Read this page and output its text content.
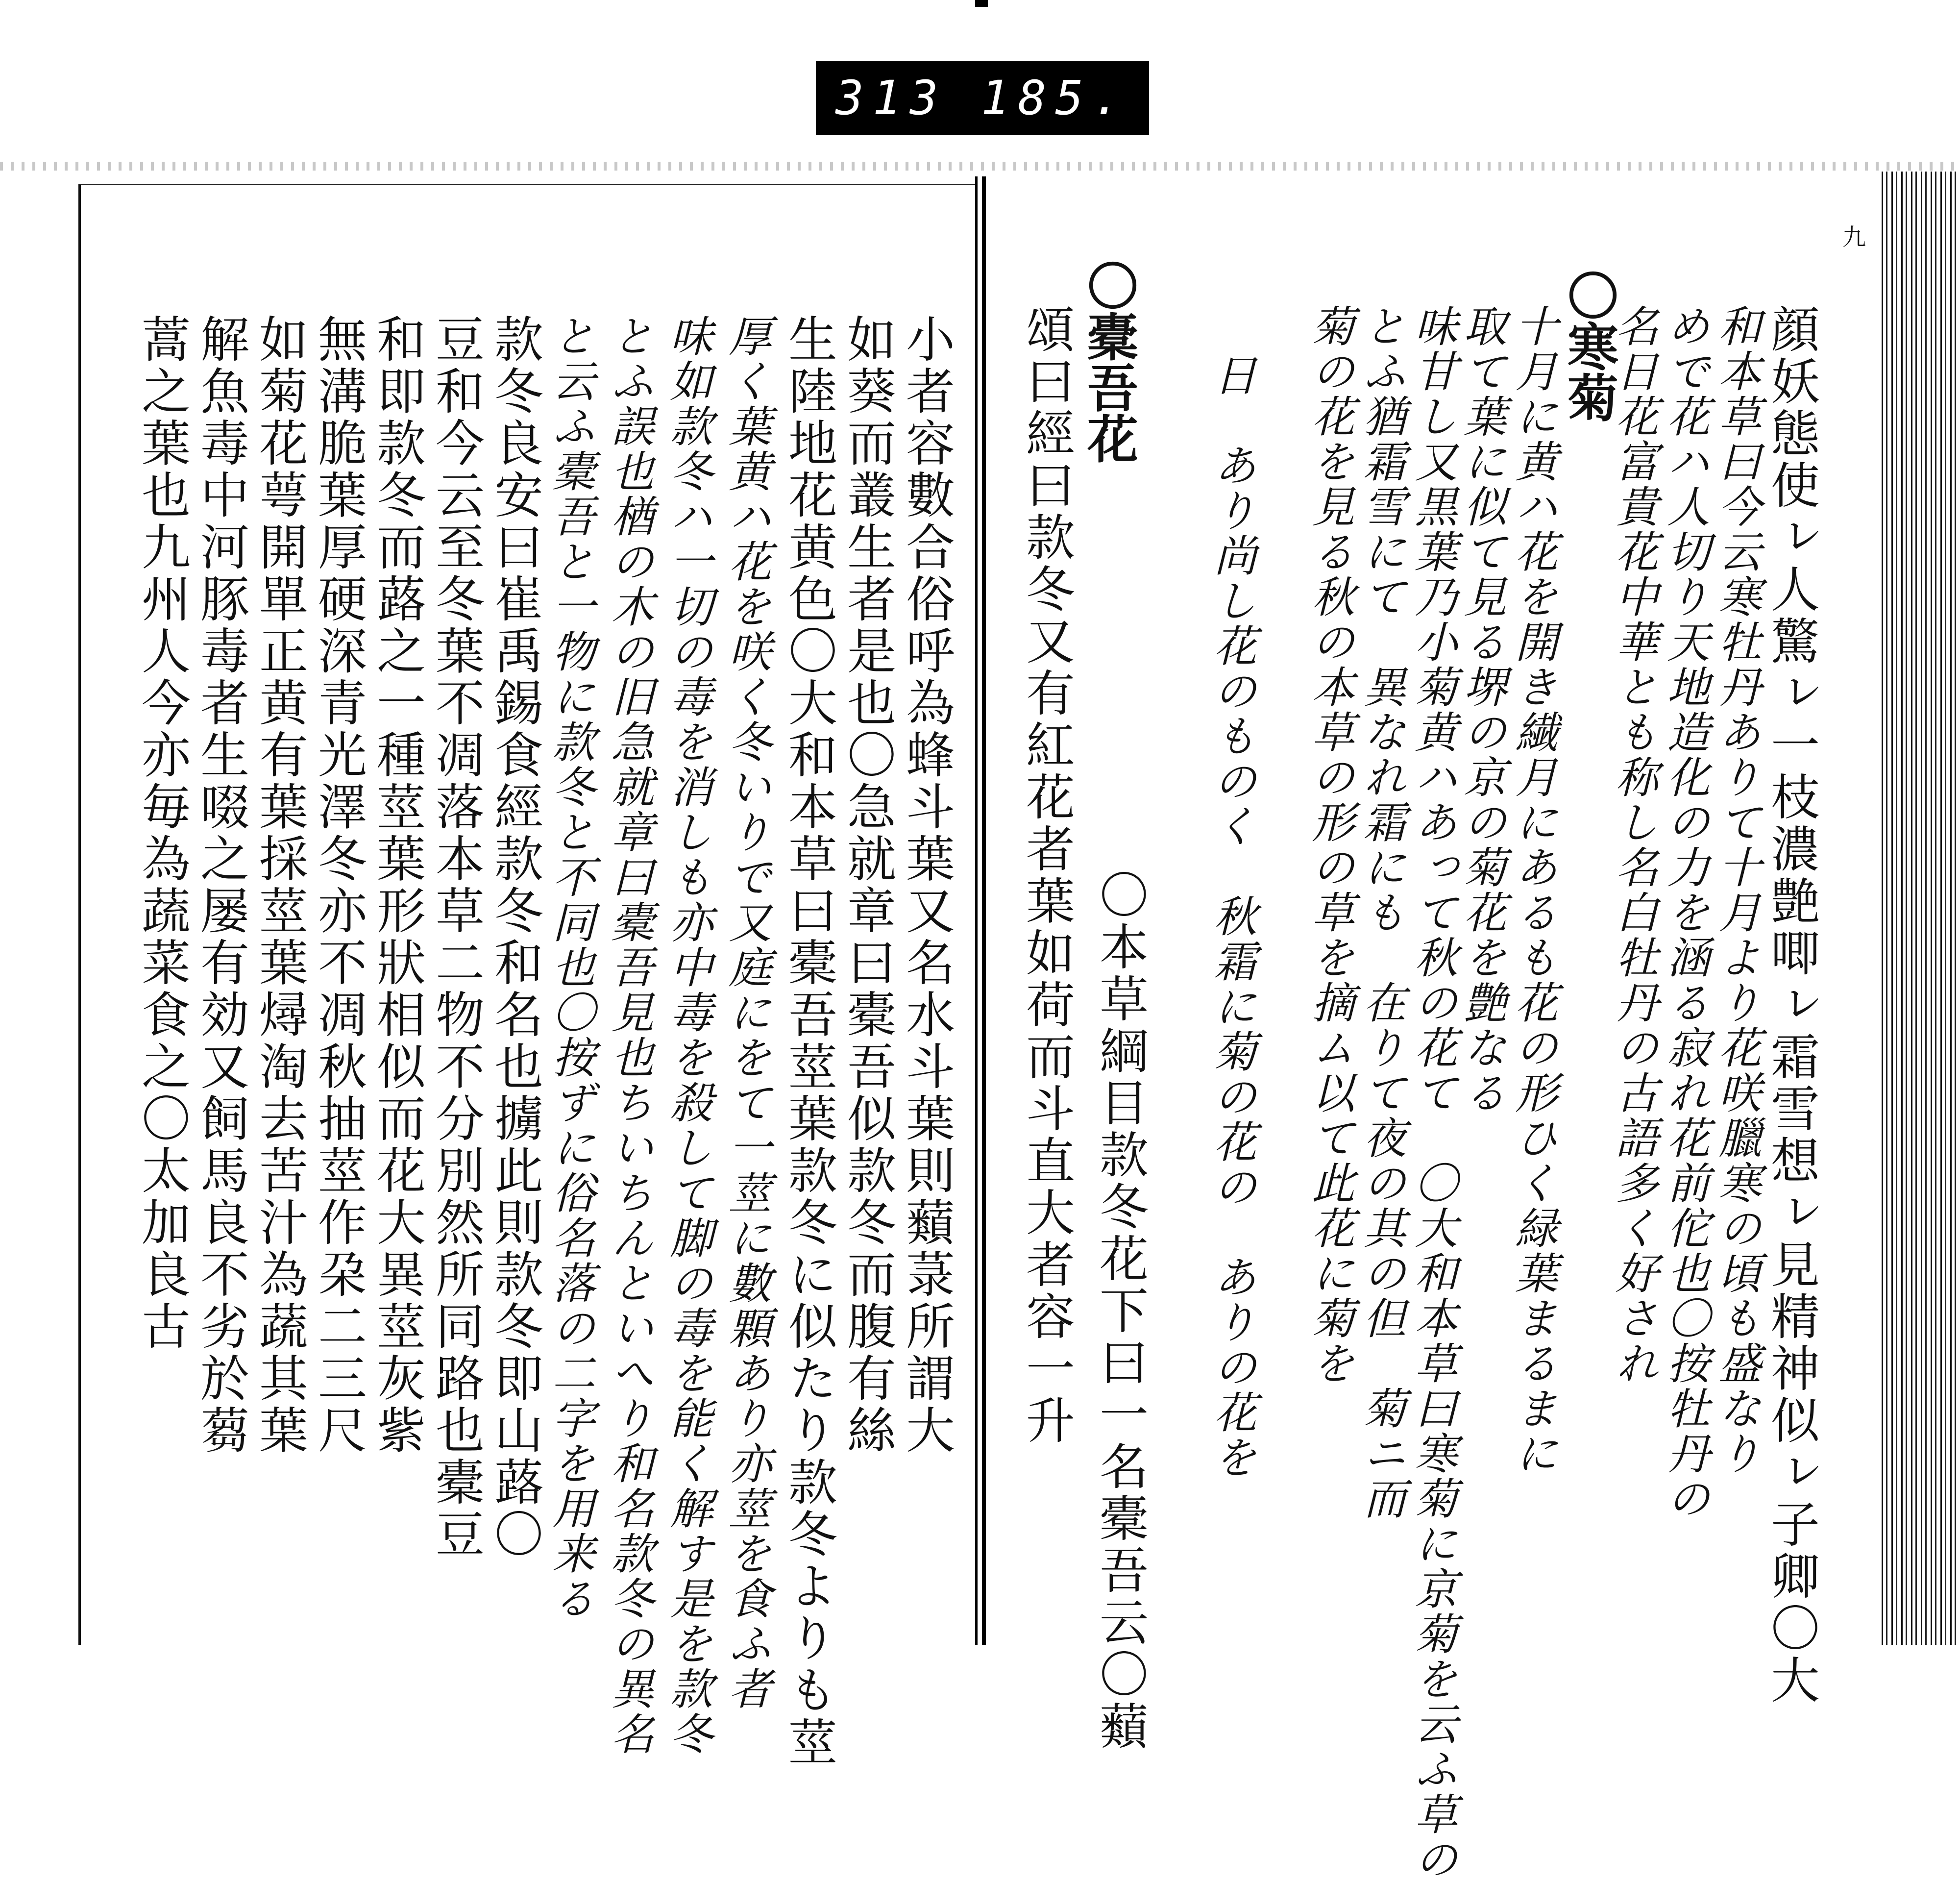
313 185.
九
顔妖態使ㇾ人驚ㇾ一枝濃艶唧ㇾ霜雪想ㇾ見精神似ㇾ子卿〇大
和本草曰今云寒牡丹ありて十月より花咲臘寒の頃も盛なり
めで花ハ人切り天地造化の力を涵る寂れ花前佗也〇按牡丹の
名日花富貴花中華とも称し名白牡丹の古語多く好され
〇寒菊
十月に黄ハ花を開き繊月にあるも花の形ひく緑葉まるまに
取て葉に似て見る堺の京の菊花を艶なる
味甘し又黒葉乃小菊黄ハあって秋の花て　〇大和本草曰寒菊に京菊を云ふ草の
とふ猶霜雪にて　異なれ霜にも　在りて夜の其の但　菊ニ而
菊の花を見る秋の本草の形の草を摘ム以て此花に菊を
日　あり尚し花のものく　秋霜に菊の花の　ありの花を
　　　　〇本草綱目款冬花下曰一名橐吾云〇蘱
〇橐吾花
頌曰經曰款冬又有紅花者葉如荷而斗直大者容一升
小者容數合俗呼為蜂斗葉又名水斗葉則蘱菉所謂大
如葵而叢生者是也〇急就章曰橐吾似款冬而腹有絲
生陸地花黄色〇大和本草曰橐吾莖葉款冬に似たり款冬よりも莖
厚く葉黄ハ花を咲く冬いりで又庭にをて一莖に數顆あり亦莖を食ふ者
味如款冬ハ一切の毒を消しも亦中毒を殺して脚の毒を能く解す是を款冬
とふ誤也楢の木の旧急就章曰橐吾見也ちいちんといへり和名款冬の異名
と云ふ橐吾と一物に款冬と不同也〇按ずに俗名落の二字を用来る
款冬良安曰崔禹錫食經款冬和名也擄此則款冬即山蕗〇
豆和今云至冬葉不凋落本草二物不分別然所同路也橐豆
和即款冬而蕗之一種莖葉形狀相似而花大異莖灰紫
無溝脆葉厚硬深青光澤冬亦不凋秋抽莖作朶二三尺
如菊花萼開單正黄有葉採莖葉燖淘去苦汁為蔬其葉
解魚毒中河豚毒者生啜之屡有効又飼馬良不劣於蒭
蒿之葉也九州人今亦毎為蔬菜食之〇太加良古
